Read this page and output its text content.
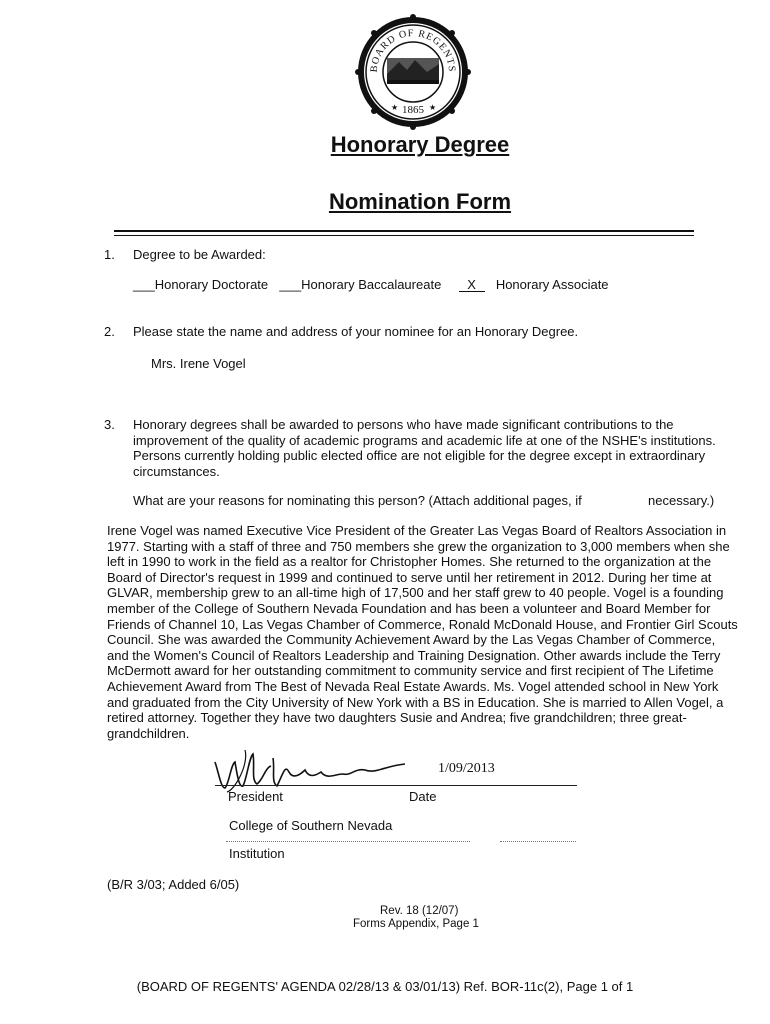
BOARD OF REGENTS
1865
★	★
Honorary Degree
Nomination Form
1. Degree to be Awarded:
___Honorary Doctorate ___Honorary Baccalaureate X Honorary Associate
2. Please state the name and address of your nominee for an Honorary Degree.
Mrs. Irene Vogel
3. Honorary degrees shall be awarded to persons who have made significant contributions to the improvement of the quality of academic programs and academic life at one of the NSHE's institutions. Persons currently holding public elected office are not eligible for the degree except in extraordinary circumstances.
What are your reasons for nominating this person? (Attach additional pages, if	necessary.)
Irene Vogel was named Executive Vice President of the Greater Las Vegas Board of Realtors Association in 1977. Starting with a staff of three and 750 members she grew the organization to 3,000 members when she left in 1990 to work in the field as a realtor for Christopher Homes. She returned to the organization at the Board of Director's request in 1999 and continued to serve until her retirement in 2012. During her time at GLVAR, membership grew to an all-time high of 17,500 and her staff grew to 40 people. Vogel is a founding member of the College of Southern Nevada Foundation and has been a volunteer and Board Member for Friends of Channel 10, Las Vegas Chamber of Commerce, Ronald McDonald House, and Frontier Girl Scouts Council. She was awarded the Community Achievement Award by the Las Vegas Chamber of Commerce, and the Women's Council of Realtors Leadership and Training Designation. Other awards include the Terry McDermott award for her outstanding commitment to community service and first recipient of The Lifetime Achievement Award from The Best of Nevada Real Estate Awards. Ms. Vogel attended school in New York and graduated from the City University of New York with a BS in Education. She is married to Allen Vogel, a retired attorney. Together they have two daughters Susie and Andrea; five grandchildren; three great-grandchildren.
1/09/2013
President	Date
College of Southern Nevada
Institution
(B/R 3/03; Added 6/05)
Rev. 18 (12/07)
Forms Appendix, Page 1
(BOARD OF REGENTS' AGENDA 02/28/13 & 03/01/13) Ref. BOR-11c(2), Page 1 of 1
